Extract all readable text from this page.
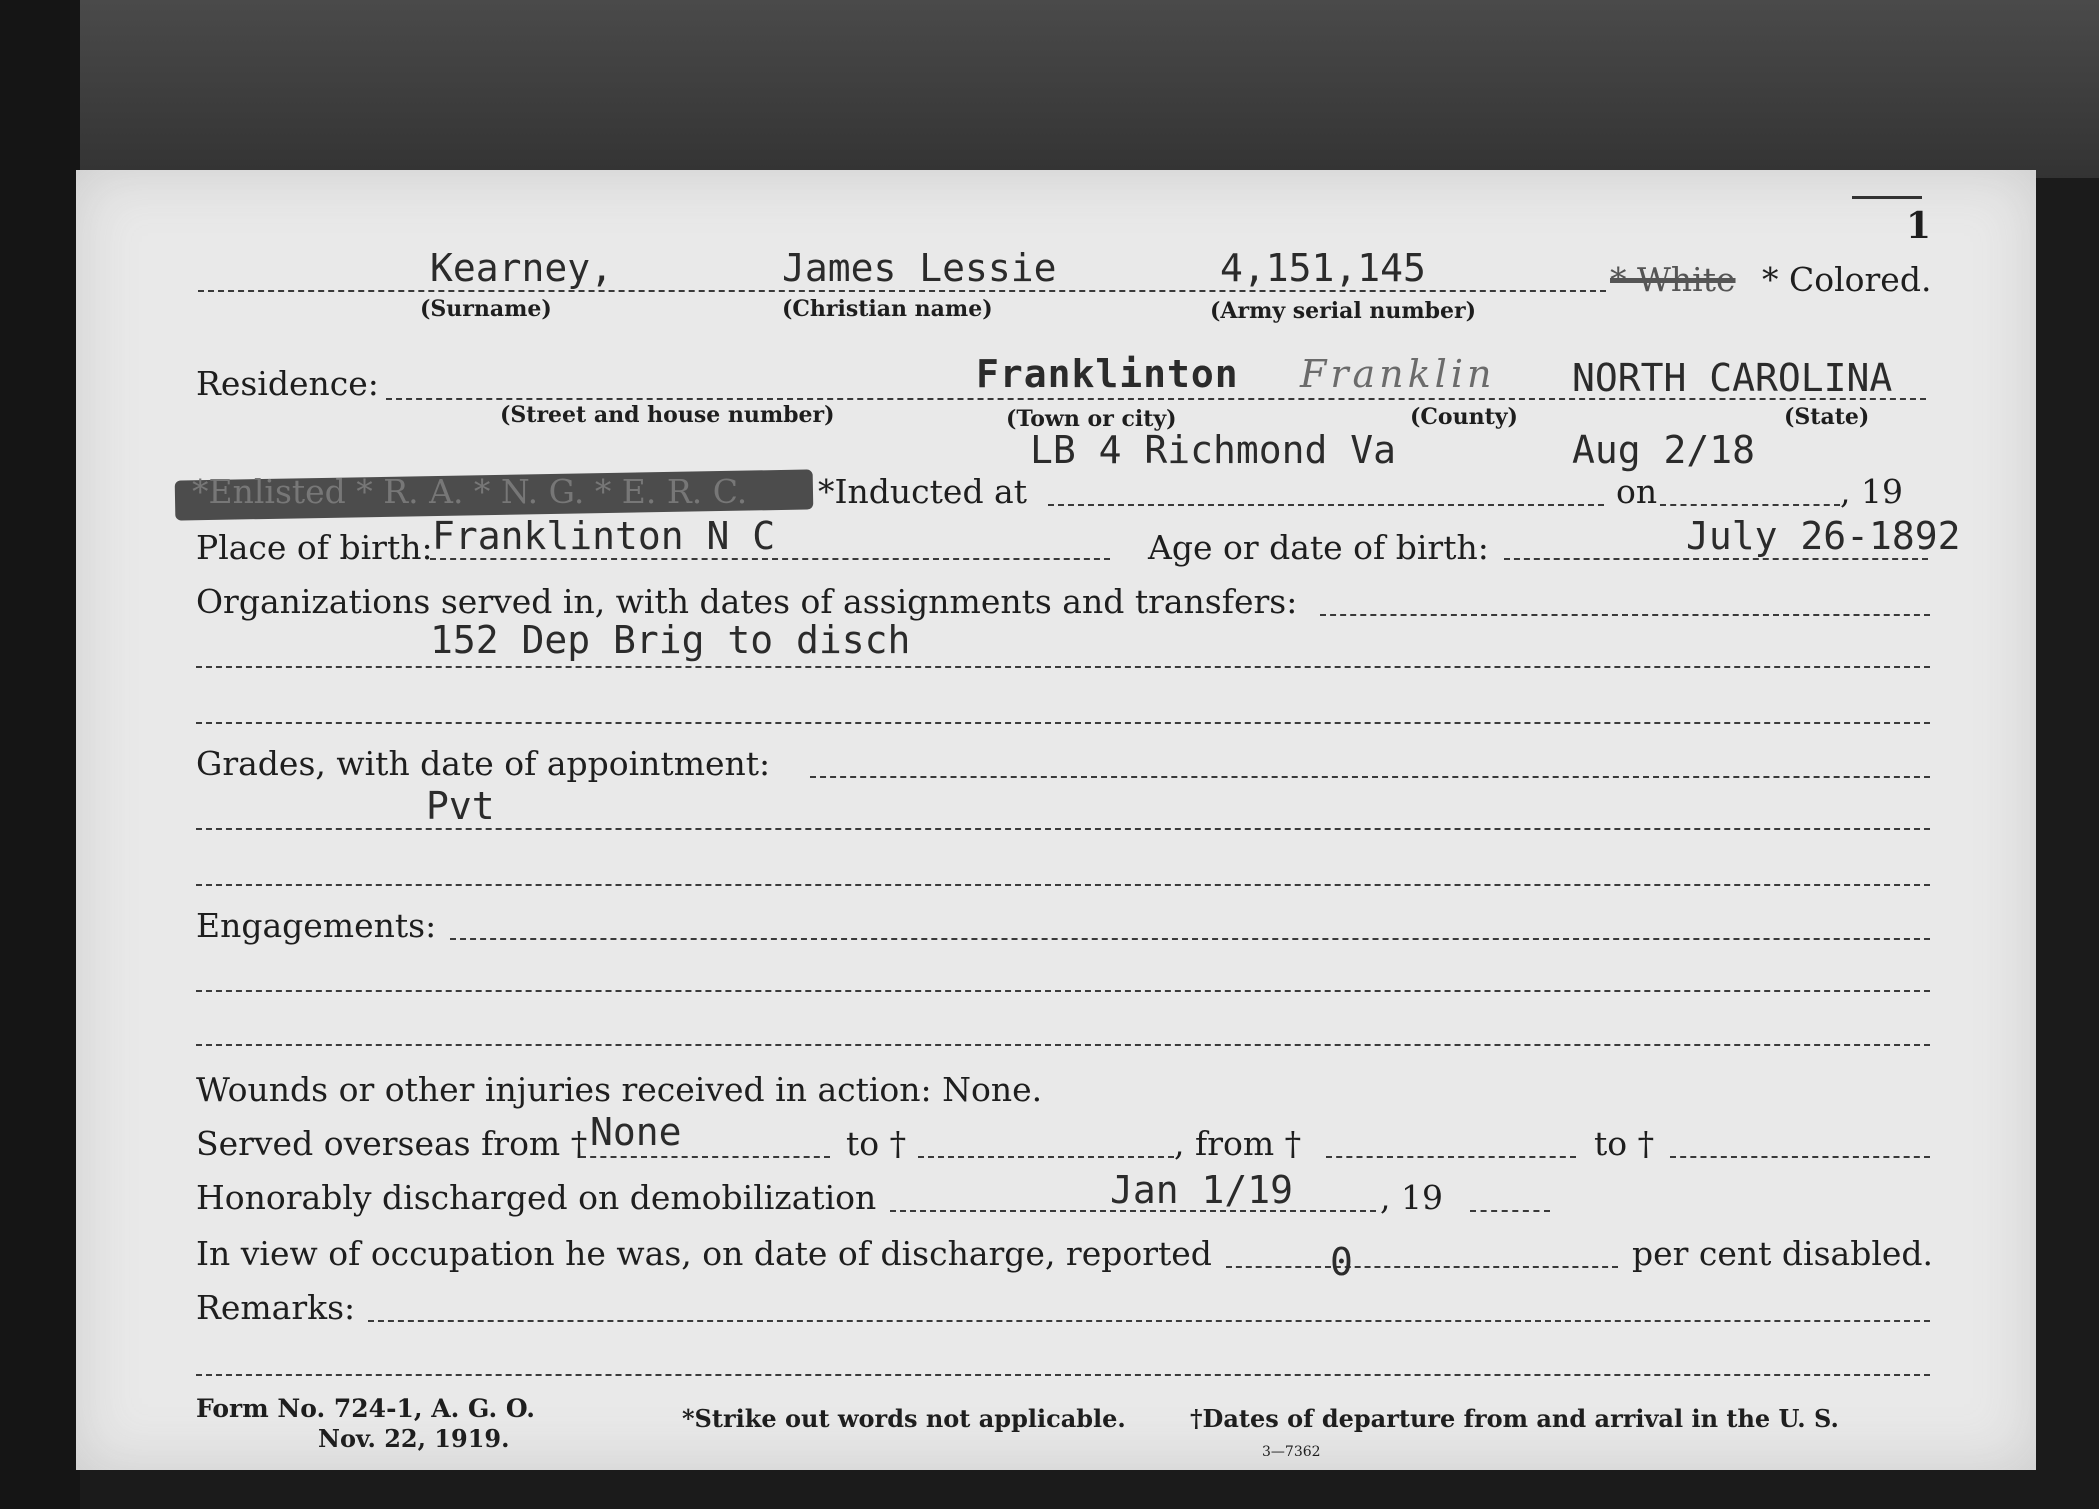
1
Kearney,	James Lessie	4,151,145	* White * Colored.
(Surname)	(Christian name)	(Army serial number)
Residence:	Franklinton Franklin NORTH CAROLINA
(Street and house number)	(Town or city)	(County)	(State)
LB 4 Richmond Va	Aug 2/18
*Enlisted * R. A. * N. G. * E. R. C. *Inducted at	on	, 19
Place of birth: Franklinton N C	Age or date of birth:	July 26-1892
Organizations served in, with dates of assignments and transfers:
152 Dep Brig to disch
Grades, with date of appointment:
Pvt
Engagements:
Wounds or other injuries received in action: None.
Served overseas from † None	to †	, from †	to †
Honorably discharged on demobilization	Jan 1/19	, 19
In view of occupation he was, on date of discharge, reported	0	per cent disabled.
Remarks:
Form No. 724-1, A. G. O.
Nov. 22, 1919.
*Strike out words not applicable.	†Dates of departure from and arrival in the U. S.
3—7362
